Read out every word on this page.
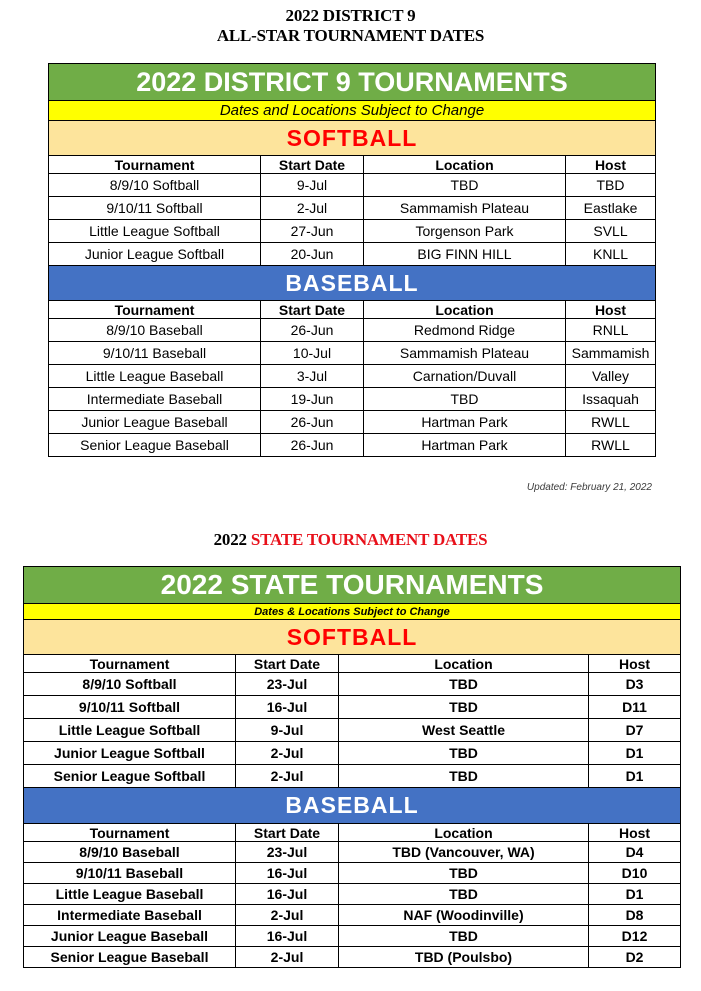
2022 DISTRICT 9
ALL-STAR TOURNAMENT DATES
2022 DISTRICT 9 TOURNAMENTS			
Dates and Locations Subject to Change			
SOFTBALL			
Tournament	Start Date	Location	Host
8/9/10 Softball	9-Jul	TBD	TBD
9/10/11 Softball	2-Jul	Sammamish Plateau	Eastlake
Little League Softball	27-Jun	Torgenson Park	SVLL
Junior League Softball	20-Jun	BIG FINN HILL	KNLL
BASEBALL			
Tournament	Start Date	Location	Host
8/9/10 Baseball	26-Jun	Redmond Ridge	RNLL
9/10/11 Baseball	10-Jul	Sammamish Plateau	Sammamish
Little League Baseball	3-Jul	Carnation/Duvall	Valley
Intermediate Baseball	19-Jun	TBD	Issaquah
Junior League Baseball	26-Jun	Hartman Park	RWLL
Senior League Baseball	26-Jun	Hartman Park	RWLL
Updated: February 21, 2022
2022 STATE TOURNAMENT DATES
2022 STATE TOURNAMENTS			
Dates & Locations Subject to Change			
SOFTBALL			
Tournament	Start Date	Location	Host
8/9/10 Softball	23-Jul	TBD	D3
9/10/11 Softball	16-Jul	TBD	D11
Little League Softball	9-Jul	West Seattle	D7
Junior League Softball	2-Jul	TBD	D1
Senior League Softball	2-Jul	TBD	D1
BASEBALL			
Tournament	Start Date	Location	Host
8/9/10 Baseball	23-Jul	TBD (Vancouver, WA)	D4
9/10/11 Baseball	16-Jul	TBD	D10
Little League Baseball	16-Jul	TBD	D1
Intermediate Baseball	2-Jul	NAF (Woodinville)	D8
Junior League Baseball	16-Jul	TBD	D12
Senior League Baseball	2-Jul	TBD (Poulsbo)	D2
